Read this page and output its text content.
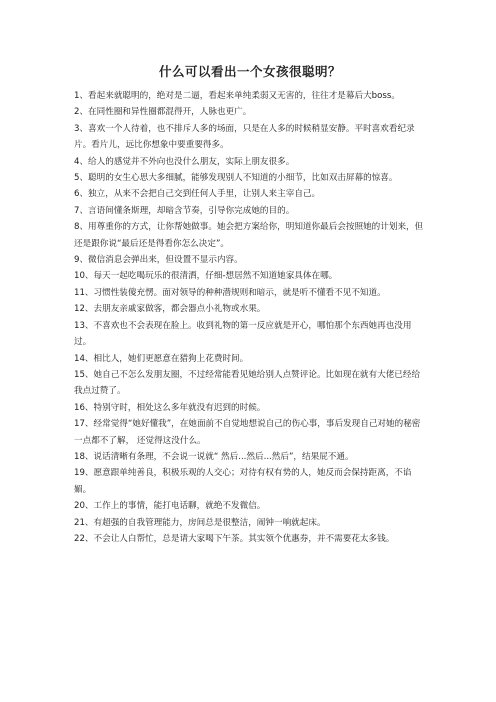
什么可以看出一个女孩很聪明？
1、看起来就聪明的，绝对是二逼，看起来单纯柔弱又无害的，往往才是幕后大boss。
2、在同性圈和异性圈都混得开，人脉也更广。
3、喜欢一个人待着，也不排斥人多的场面，只是在人多的时候稍显安静。平时喜欢看纪录片。看片儿，远比你想象中要重要得多。
4、给人的感觉并不外向也没什么朋友，实际上朋友很多。
5、聪明的女生心思大多细腻，能够发现别人不知道的小细节，比如双击屏幕的惊喜。
6、独立，从来不会把自己交到任何人手里，让别人来主宰自己。
7、言语间懂条斯理，却暗含节奏，引导你完成她的目的。
8、用尊重你的方式，让你帮她做事。她会把方案给你，明知道你最后会按照她的计划来，但还是跟你说“最后还是得看你怎么决定”。
9、微信消息会弹出来，但设置不显示内容。
10、每天一起吃喝玩乐的很清洒，仔细-想居然不知道她家具体在哪。
11、习惯性装傻充愣。面对领导的种种潜规则和暗示，就是听不懂看不见不知道。
12、去朋友亲戚家做客，都会器点小礼物或水果。
13、不喜欢也不会表现在脸上。收到礼物的第一反应就是开心，哪怕那个东西她再也没用过。
14、相比人，她们更愿意在猎狗上花费时间。
15、她自己不怎么发朋友圈，不过经常能看见她给别人点赞评论。比如现在就有大佬已经给我点过赞了。
16、特别守时，相处这么多年就没有迟到的时候。
17、经常觉得“她好懂我”，在她面前不自觉地想说自己的伤心事，事后发现自己对她的秘密一点都不了解， 还觉得这没什么。
18、说话清晰有条理，不会说一说就“ 然后...然后...然后”，结果屁不通。
19、愿意跟单纯善良，积极乐观的人交心；对待有权有势的人，她反而会保持距离，不谄媚。
20、工作上的事情，能打电话聊，就绝不发微信。
21、有超强的自我管理能力，房间总是很整洁，闹钟一响就起床。
22、不会让人白帮忙，总是请大家喝下午茶。其实领个优惠券，并不需要花太多钱。
